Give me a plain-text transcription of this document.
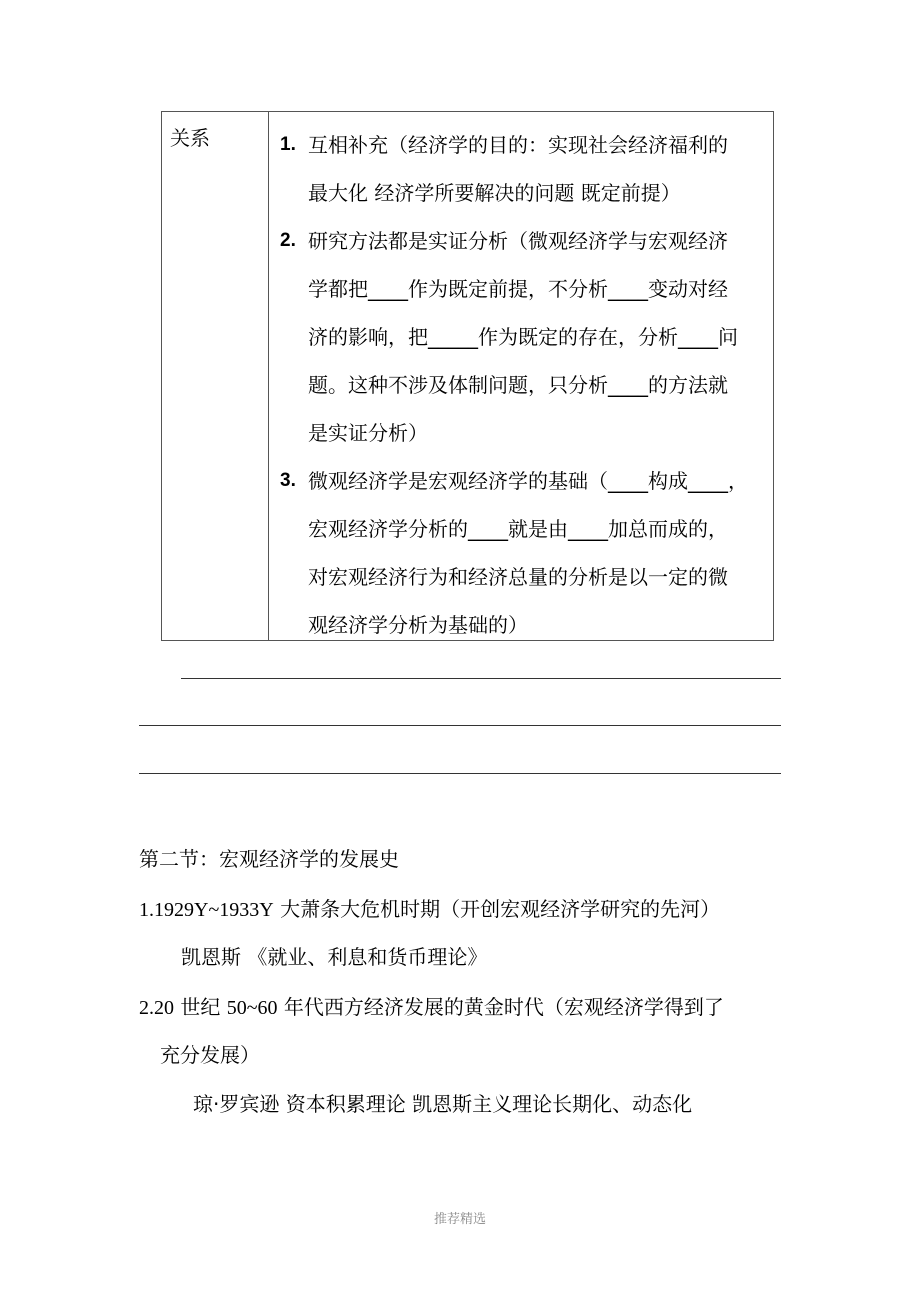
关系	1. 互相补充（经济学的目的：实现社会经济福利的
最大化 经济学所要解决的问题 既定前提）
2. 研究方法都是实证分析（微观经济学与宏观经济
学都把____作为既定前提，不分析____变动对经
济的影响，把_____作为既定的存在，分析____问
题。这种不涉及体制问题，只分析____的方法就
是实证分析）
3. 微观经济学是宏观经济学的基础（____构成____，
宏观经济学分析的____就是由____加总而成的，
对宏观经济行为和经济总量的分析是以一定的微
观经济学分析为基础的）
第二节：宏观经济学的发展史
1.1929Y~1933Y 大萧条大危机时期（开创宏观经济学研究的先河）
凯恩斯 《就业、利息和货币理论》
2.20 世纪 50~60 年代西方经济发展的黄金时代（宏观经济学得到了
充分发展）
琼·罗宾逊 资本积累理论 凯恩斯主义理论长期化、动态化
推荐精选
